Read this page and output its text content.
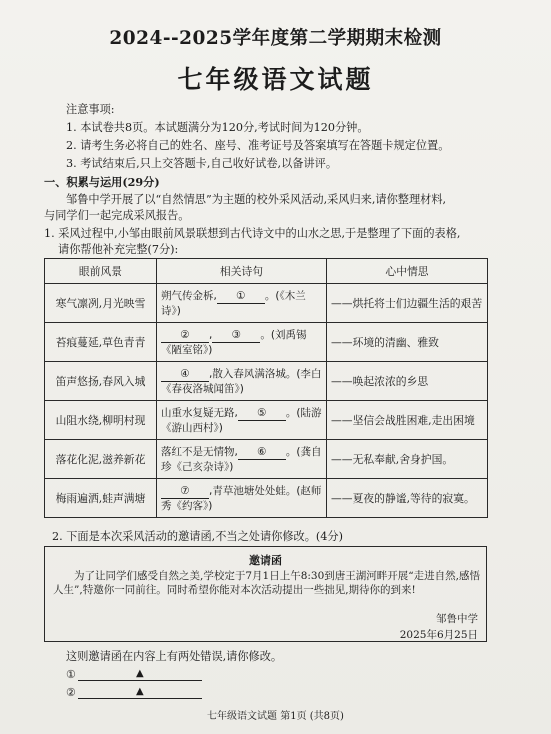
2024--2025学年度第二学期期末检测
七年级语文试题
注意事项:
1. 本试卷共8页。本试题满分为120分,考试时间为120分钟。
2. 请考生务必将自己的姓名、座号、准考证号及答案填写在答题卡规定位置。
3. 考试结束后,只上交答题卡,自己收好试卷,以备讲评。
一、积累与运用(29分)
邹鲁中学开展了以“自然情思”为主题的校外采风活动,采风归来,请你整理材料,
与同学们一起完成采风报告。
1. 采风过程中,小邹由眼前风景联想到古代诗文中的山水之思,于是整理了下面的表格,
请你帮他补充完整(7分):
眼前风景	相关诗句	心中情思
寒气凛冽,月光映雪	朔气传金柝, ① 。(《木兰诗》)	——烘托将士们边疆生活的艰苦
苔痕蔓延,草色青青	② , ③ 。(刘禹锡《陋室铭》)	——环境的清幽、雅致
笛声悠扬,春风入城	④ ,散入春风满洛城。(李白《春夜洛城闻笛》)	——唤起浓浓的乡思
山阻水绕,柳明村现	山重水复疑无路, ⑤ 。(陆游《游山西村》)	——坚信会战胜困难,走出困境
落花化泥,滋养新花	落红不是无情物, ⑥ 。(龚自珍《己亥杂诗》)	——无私奉献,舍身护国。
梅雨遍洒,蛙声满塘	⑦ ,青草池塘处处蛙。(赵师秀《约客》)	——夏夜的静谧,等待的寂寞。
2. 下面是本次采风活动的邀请函,不当之处请你修改。(4分)
邀请函
为了让同学们感受自然之美,学校定于7月1日上午8:30到唐王湖河畔开展“走进自然,感悟人生”,特邀你一同前往。同时希望你能对本次活动提出一些拙见,期待你的到来!
邹鲁中学
2025年6月25日
这则邀请函在内容上有两处错误,请你修改。
①	▲
②	▲
七年级语文试题 第1页 (共8页)
